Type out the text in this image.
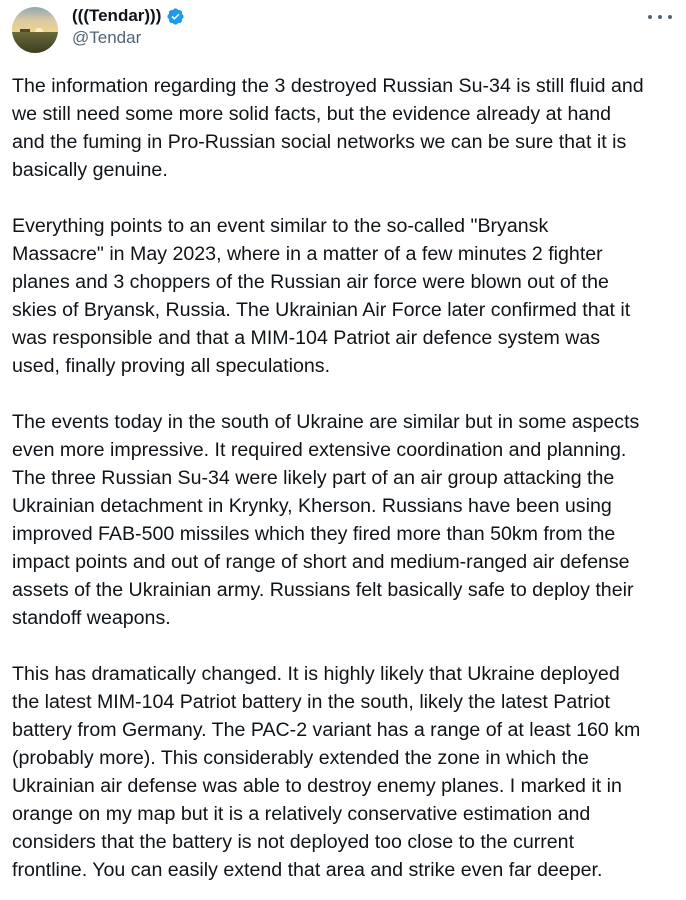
(((Tendar)))
@Tendar

The information regarding the 3 destroyed Russian Su-34 is still fluid and
we still need some more solid facts, but the evidence already at hand
and the fuming in Pro-Russian social networks we can be sure that it is
basically genuine.

Everything points to an event similar to the so-called "Bryansk
Massacre" in May 2023, where in a matter of a few minutes 2 fighter
planes and 3 choppers of the Russian air force were blown out of the
skies of Bryansk, Russia. The Ukrainian Air Force later confirmed that it
was responsible and that a MIM-104 Patriot air defence system was
used, finally proving all speculations.

The events today in the south of Ukraine are similar but in some aspects
even more impressive. It required extensive coordination and planning.
The three Russian Su-34 were likely part of an air group attacking the
Ukrainian detachment in Krynky, Kherson. Russians have been using
improved FAB-500 missiles which they fired more than 50km from the
impact points and out of range of short and medium-ranged air defense
assets of the Ukrainian army. Russians felt basically safe to deploy their
standoff weapons.

This has dramatically changed. It is highly likely that Ukraine deployed
the latest MIM-104 Patriot battery in the south, likely the latest Patriot
battery from Germany. The PAC-2 variant has a range of at least 160 km
(probably more). This considerably extended the zone in which the
Ukrainian air defense was able to destroy enemy planes. I marked it in
orange on my map but it is a relatively conservative estimation and
considers that the battery is not deployed too close to the current
frontline. You can easily extend that area and strike even far deeper.
